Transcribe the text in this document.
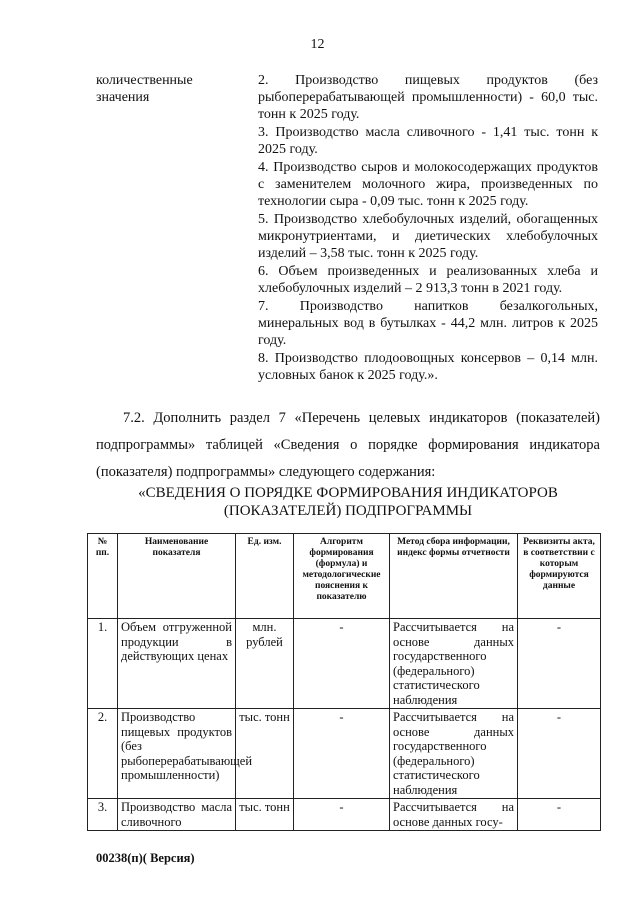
12
количественные значения

2. Производство пищевых продуктов (без рыбоперерабатывающей промышленности) - 60,0 тыс. тонн к 2025 году.

3. Производство масла сливочного - 1,41 тыс. тонн к 2025 году.

4. Производство сыров и молокосодержащих продуктов с заменителем молочного жира, произведенных по технологии сыра - 0,09 тыс. тонн к 2025 году.

5. Производство хлебобулочных изделий, обогащенных микронутриентами, и диетических хлебобулочных изделий – 3,58 тыс. тонн к 2025 году.

6. Объем произведенных и реализованных хлеба и хлебобулочных изделий – 2 913,3 тонн в 2021 году.

7. Производство напитков безалкогольных, минеральных вод в бутылках - 44,2 млн. литров к 2025 году.

8. Производство плодоовощных консервов – 0,14 млн. условных банок к 2025 году.».

7.2. Дополнить раздел 7 «Перечень целевых индикаторов (показателей) подпрограммы» таблицей «Сведения о порядке формирования индикатора (показателя) подпрограммы» следующего содержания:
«СВЕДЕНИЯ О ПОРЯДКЕ ФОРМИРОВАНИЯ ИНДИКАТОРОВ (ПОКАЗАТЕЛЕЙ) ПОДПРОГРАММЫ
№ пп.	Наименование показателя	Ед. изм.	Алгоритм формирования (формула) и методологические пояснения к показателю	Метод сбора информации, индекс формы отчетности	Реквизиты акта, в соответствии с которым формируются данные
1.	Объем отгруженной продукции в действующих ценах	млн. рублей	-	Рассчитывается на основе данных государственного (федерального) статистического наблюдения	-
2.	Производство пищевых продуктов (без рыбоперерабатывающей промышленности)	тыс. тонн	-	Рассчитывается на основе данных государственного (федерального) статистического наблюдения	-
3.	Производство масла сливочного	тыс. тонн	-	Рассчитывается на основе данных госу-	-
00238(п)( Версия)
